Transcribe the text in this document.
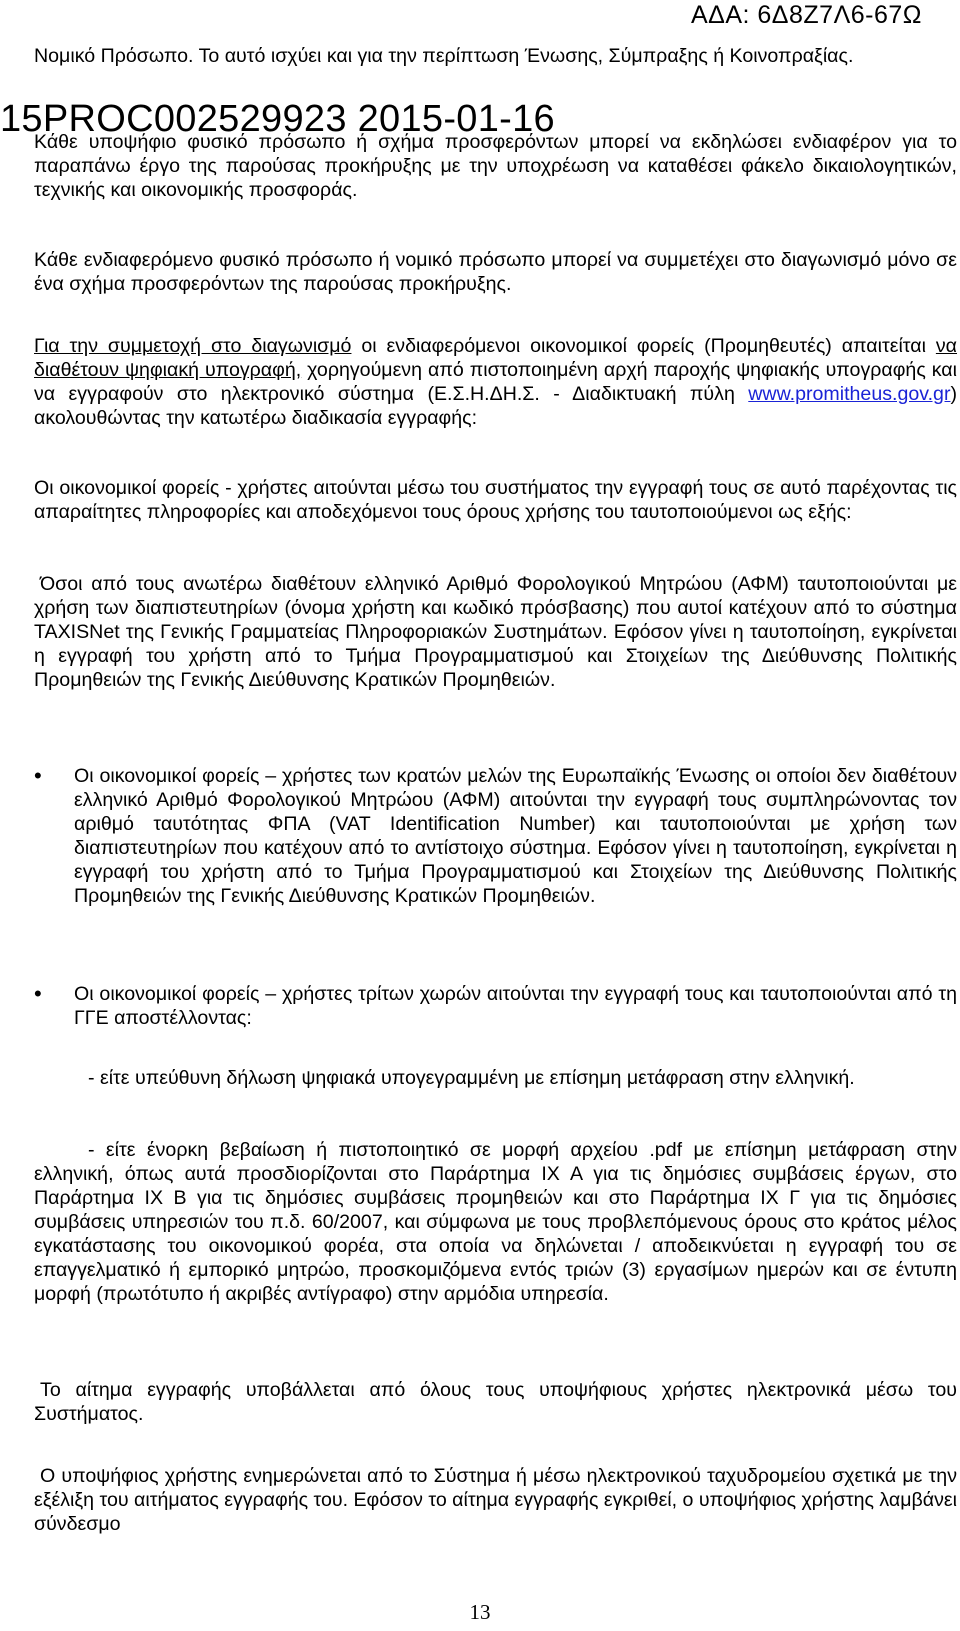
ΑΔΑ: 6Δ8Ζ7Λ6-67Ω

Νομικό Πρόσωπο. Το αυτό ισχύει και για την περίπτωση Ένωσης, Σύμπραξης ή Κοινοπραξίας.

15PROC002529923 2015-01-16

Κάθε υποψήφιο φυσικό πρόσωπο ή σχήμα προσφερόντων μπορεί να εκδηλώσει ενδιαφέρον για το παραπάνω έργο της παρούσας προκήρυξης με την υποχρέωση να καταθέσει φάκελο δικαιολογητικών, τεχνικής και οικονομικής προσφοράς.

Κάθε ενδιαφερόμενο φυσικό πρόσωπο ή νομικό πρόσωπο μπορεί να συμμετέχει στο διαγωνισμό μόνο σε ένα σχήμα προσφερόντων της παρούσας προκήρυξης.

Για την συμμετοχή στο διαγωνισμό οι ενδιαφερόμενοι οικονομικοί φορείς (Προμηθευτές) απαιτείται να διαθέτουν ψηφιακή υπογραφή, χορηγούμενη από πιστοποιημένη αρχή παροχής ψηφιακής υπογραφής και να εγγραφούν στο ηλεκτρονικό σύστημα (Ε.Σ.Η.ΔΗ.Σ. - Διαδικτυακή πύλη www.promitheus.gov.gr) ακολουθώντας την κατωτέρω διαδικασία εγγραφής:

Οι οικονομικοί φορείς - χρήστες αιτούνται μέσω του συστήματος την εγγραφή τους σε αυτό παρέχοντας τις απαραίτητες πληροφορίες και αποδεχόμενοι τους όρους χρήσης του ταυτοποιούμενοι ως εξής:

Όσοι από τους ανωτέρω διαθέτουν ελληνικό Αριθμό Φορολογικού Μητρώου (ΑΦΜ) ταυτοποιούνται με χρήση των διαπιστευτηρίων (όνομα χρήστη και κωδικό πρόσβασης) που αυτοί κατέχουν από το σύστημα TAXISNet της Γενικής Γραμματείας Πληροφοριακών Συστημάτων. Εφόσον γίνει η ταυτοποίηση, εγκρίνεται η εγγραφή του χρήστη από το Τμήμα Προγραμματισμού και Στοιχείων της Διεύθυνσης Πολιτικής Προμηθειών της Γενικής Διεύθυνσης Κρατικών Προμηθειών.

•	Οι οικονομικοί φορείς – χρήστες των κρατών μελών της Ευρωπαϊκής Ένωσης οι οποίοι δεν διαθέτουν ελληνικό Αριθμό Φορολογικού Μητρώου (ΑΦΜ) αιτούνται την εγγραφή τους συμπληρώνοντας τον αριθμό ταυτότητας ΦΠΑ (VAT Identification Number) και ταυτοποιούνται με χρήση των διαπιστευτηρίων που κατέχουν από το αντίστοιχο σύστημα. Εφόσον γίνει η ταυτοποίηση, εγκρίνεται η εγγραφή του χρήστη από το Τμήμα Προγραμματισμού και Στοιχείων της Διεύθυνσης Πολιτικής Προμηθειών της Γενικής Διεύθυνσης Κρατικών Προμηθειών.
•	Οι οικονομικοί φορείς – χρήστες τρίτων χωρών αιτούνται την εγγραφή τους και ταυτοποιούνται από τη ΓΓΕ αποστέλλοντας:

- είτε υπεύθυνη δήλωση ψηφιακά υπογεγραμμένη με επίσημη μετάφραση στην ελληνική.

- είτε ένορκη βεβαίωση ή πιστοποιητικό σε μορφή αρχείου .pdf με επίσημη μετάφραση στην ελληνική, όπως αυτά προσδιορίζονται στο Παράρτημα IX A για τις δημόσιες συμβάσεις έργων, στο Παράρτημα IX B για τις δημόσιες συμβάσεις προμηθειών και στο Παράρτημα IX Γ για τις δημόσιες συμβάσεις υπηρεσιών του π.δ. 60/2007, και σύμφωνα με τους προβλεπόμενους όρους στο κράτος μέλος εγκατάστασης του οικονομικού φορέα, στα οποία να δηλώνεται / αποδεικνύεται η εγγραφή του σε επαγγελματικό ή εμπορικό μητρώο, προσκομιζόμενα εντός τριών (3) εργασίμων ημερών και σε έντυπη μορφή (πρωτότυπο ή ακριβές αντίγραφο) στην αρμόδια υπηρεσία.

Το αίτημα εγγραφής υποβάλλεται από όλους τους υποψήφιους χρήστες ηλεκτρονικά μέσω του Συστήματος.

Ο υποψήφιος χρήστης ενημερώνεται από το Σύστημα ή μέσω ηλεκτρονικού ταχυδρομείου σχετικά με την εξέλιξη του αιτήματος εγγραφής του. Εφόσον το αίτημα εγγραφής εγκριθεί, ο υποψήφιος χρήστης λαμβάνει σύνδεσμο

13
